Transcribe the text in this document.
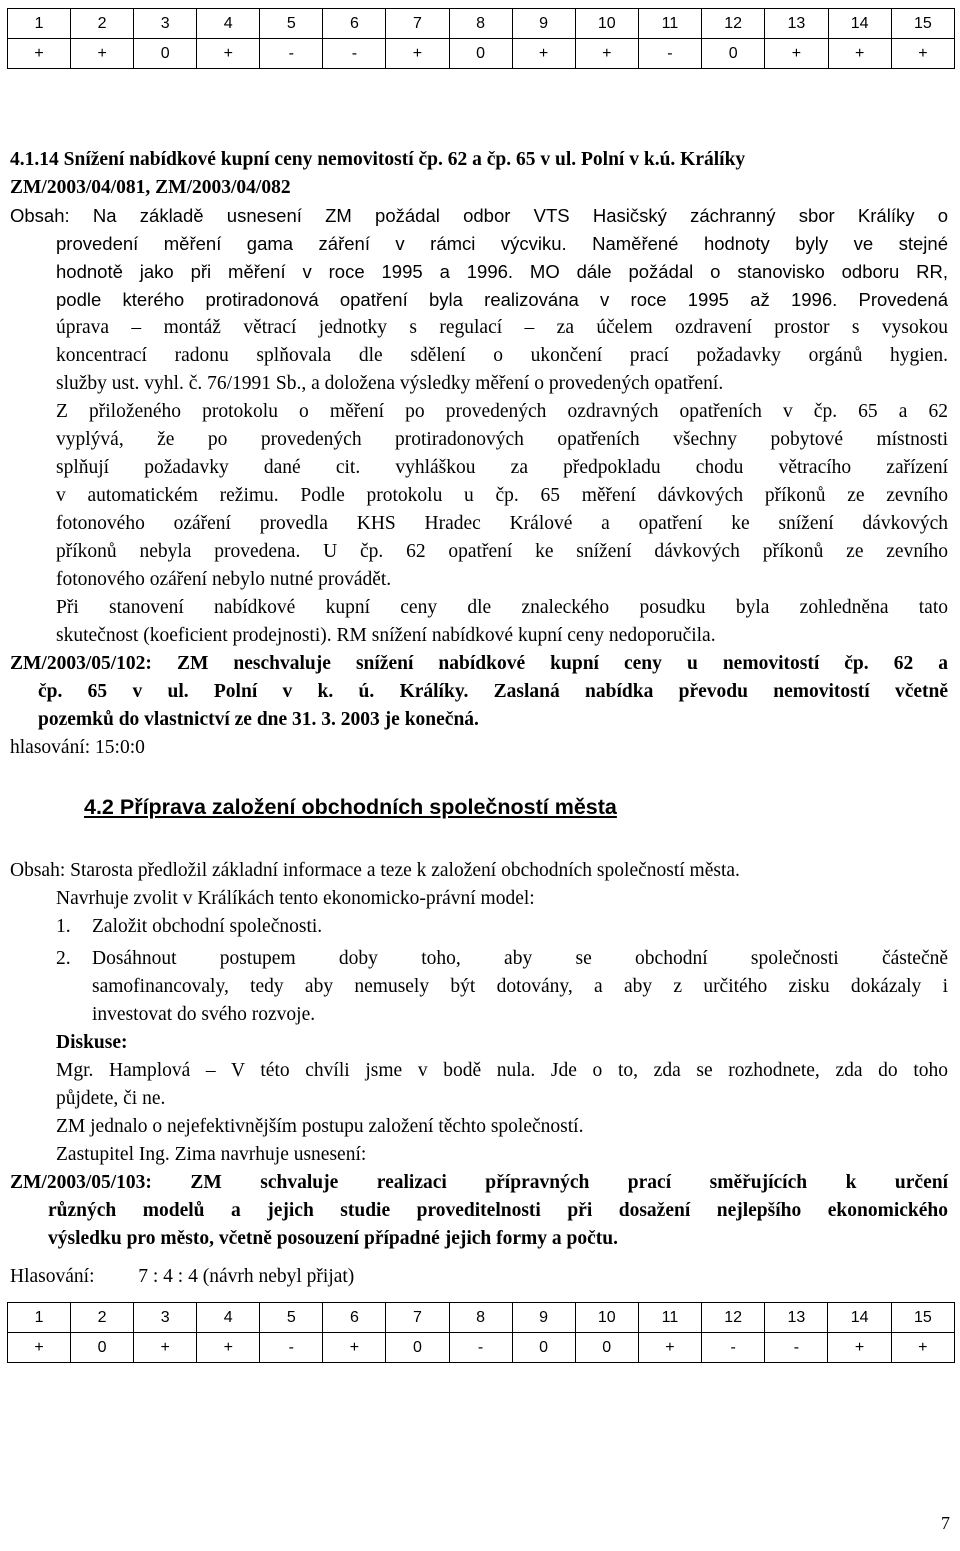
1	2	3	4	5	6	7	8	9	10	11	12	13	14	15
+	+	0	+	-	-	+	0	+	+	-	0	+	+	+
4.1.14 Snížení nabídkové kupní ceny nemovitostí čp. 62 a čp. 65 v ul. Polní v k.ú. Králíky
ZM/2003/04/081, ZM/2003/04/082
Obsah: Na základě usnesení ZM požádal odbor VTS Hasičský záchranný sbor Králíky o
provedení měření gama záření v rámci výcviku. Naměřené hodnoty byly ve stejné
hodnotě jako při měření v roce 1995 a 1996. MO dále požádal o stanovisko odboru RR,
podle kterého protiradonová opatření byla realizována v roce 1995 až 1996. Provedená
úprava – montáž větrací jednotky s regulací – za účelem ozdravení prostor s vysokou
koncentrací radonu splňovala dle sdělení o ukončení prací požadavky orgánů hygien.
služby ust. vyhl. č. 76/1991 Sb., a doložena výsledky měření o provedených opatření.
Z přiloženého protokolu o měření po provedených ozdravných opatřeních v čp. 65 a 62
vyplývá, že po provedených protiradonových opatřeních všechny pobytové místnosti
splňují požadavky dané cit. vyhláškou za předpokladu chodu větracího zařízení
v automatickém režimu. Podle protokolu u čp. 65 měření dávkových příkonů ze zevního
fotonového ozáření provedla KHS Hradec Králové a opatření ke snížení dávkových
příkonů nebyla provedena. U čp. 62 opatření ke snížení dávkových příkonů ze zevního
fotonového ozáření nebylo nutné provádět.
Při stanovení nabídkové kupní ceny dle znaleckého posudku byla zohledněna tato
skutečnost (koeficient prodejnosti). RM snížení nabídkové kupní ceny nedoporučila.
ZM/2003/05/102: ZM neschvaluje snížení nabídkové kupní ceny u nemovitostí čp. 62 a
čp. 65 v ul. Polní v k. ú. Králíky. Zaslaná nabídka převodu nemovitostí včetně
pozemků do vlastnictví ze dne 31. 3. 2003 je konečná.
hlasování: 15:0:0
4.2 Příprava založení obchodních společností města
Obsah: Starosta předložil základní informace a teze k založení obchodních společností města.
Navrhuje zvolit v Králíkách tento ekonomicko-právní model:
1.	Založit obchodní společnosti.
2.	Dosáhnout postupem doby toho, aby se obchodní společnosti částečně
samofinancovaly, tedy aby nemusely být dotovány, a aby z určitého zisku dokázaly i
investovat do svého rozvoje.
Diskuse:
Mgr. Hamplová – V této chvíli jsme v bodě nula. Jde o to, zda se rozhodnete, zda do toho
půjdete, či ne.
ZM jednalo o nejefektivnějším postupu založení těchto společností.
Zastupitel Ing. Zima navrhuje usnesení:
ZM/2003/05/103: ZM schvaluje realizaci přípravných prací směřujících k určení
různých modelů a jejich studie proveditelnosti při dosažení nejlepšího ekonomického
výsledku pro město, včetně posouzení případné jejich formy a počtu.
Hlasování: 7 : 4 : 4 (návrh nebyl přijat)
1	2	3	4	5	6	7	8	9	10	11	12	13	14	15
+	0	+	+	-	+	0	-	0	0	+	-	-	+	+
7
